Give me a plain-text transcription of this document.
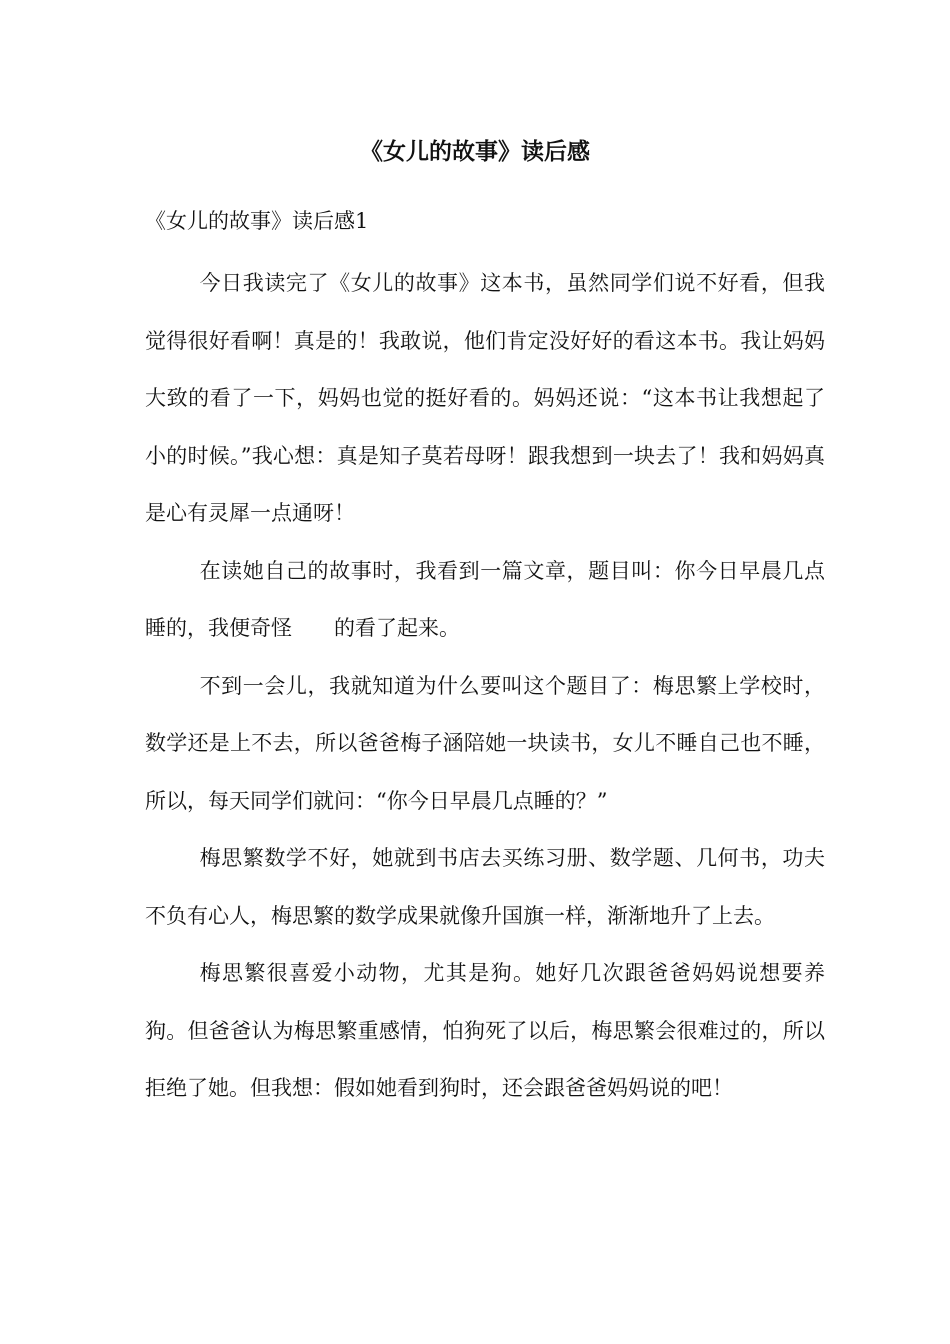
《女儿的故事》读后感
《女儿的故事》读后感1

今日我读完了《女儿的故事》这本书，虽然同学们说不好看，但我觉得很好看啊！真是的！我敢说，他们肯定没好好的看这本书。我让妈妈大致的看了一下，妈妈也觉的挺好看的。妈妈还说：“这本书让我想起了小的时候。”我心想：真是知子莫若母呀！跟我想到一块去了！我和妈妈真是心有灵犀一点通呀！

在读她自己的故事时，我看到一篇文章，题目叫：你今日早晨几点睡的，我便奇怪　　的看了起来。

不到一会儿，我就知道为什么要叫这个题目了：梅思繁上学校时，数学还是上不去，所以爸爸梅子涵陪她一块读书，女儿不睡自己也不睡，所以，每天同学们就问：“你今日早晨几点睡的？”

梅思繁数学不好，她就到书店去买练习册、数学题、几何书，功夫不负有心人，梅思繁的数学成果就像升国旗一样，渐渐地升了上去。

梅思繁很喜爱小动物，尤其是狗。她好几次跟爸爸妈妈说想要养狗。但爸爸认为梅思繁重感情，怕狗死了以后，梅思繁会很难过的，所以拒绝了她。但我想：假如她看到狗时，还会跟爸爸妈妈说的吧！
